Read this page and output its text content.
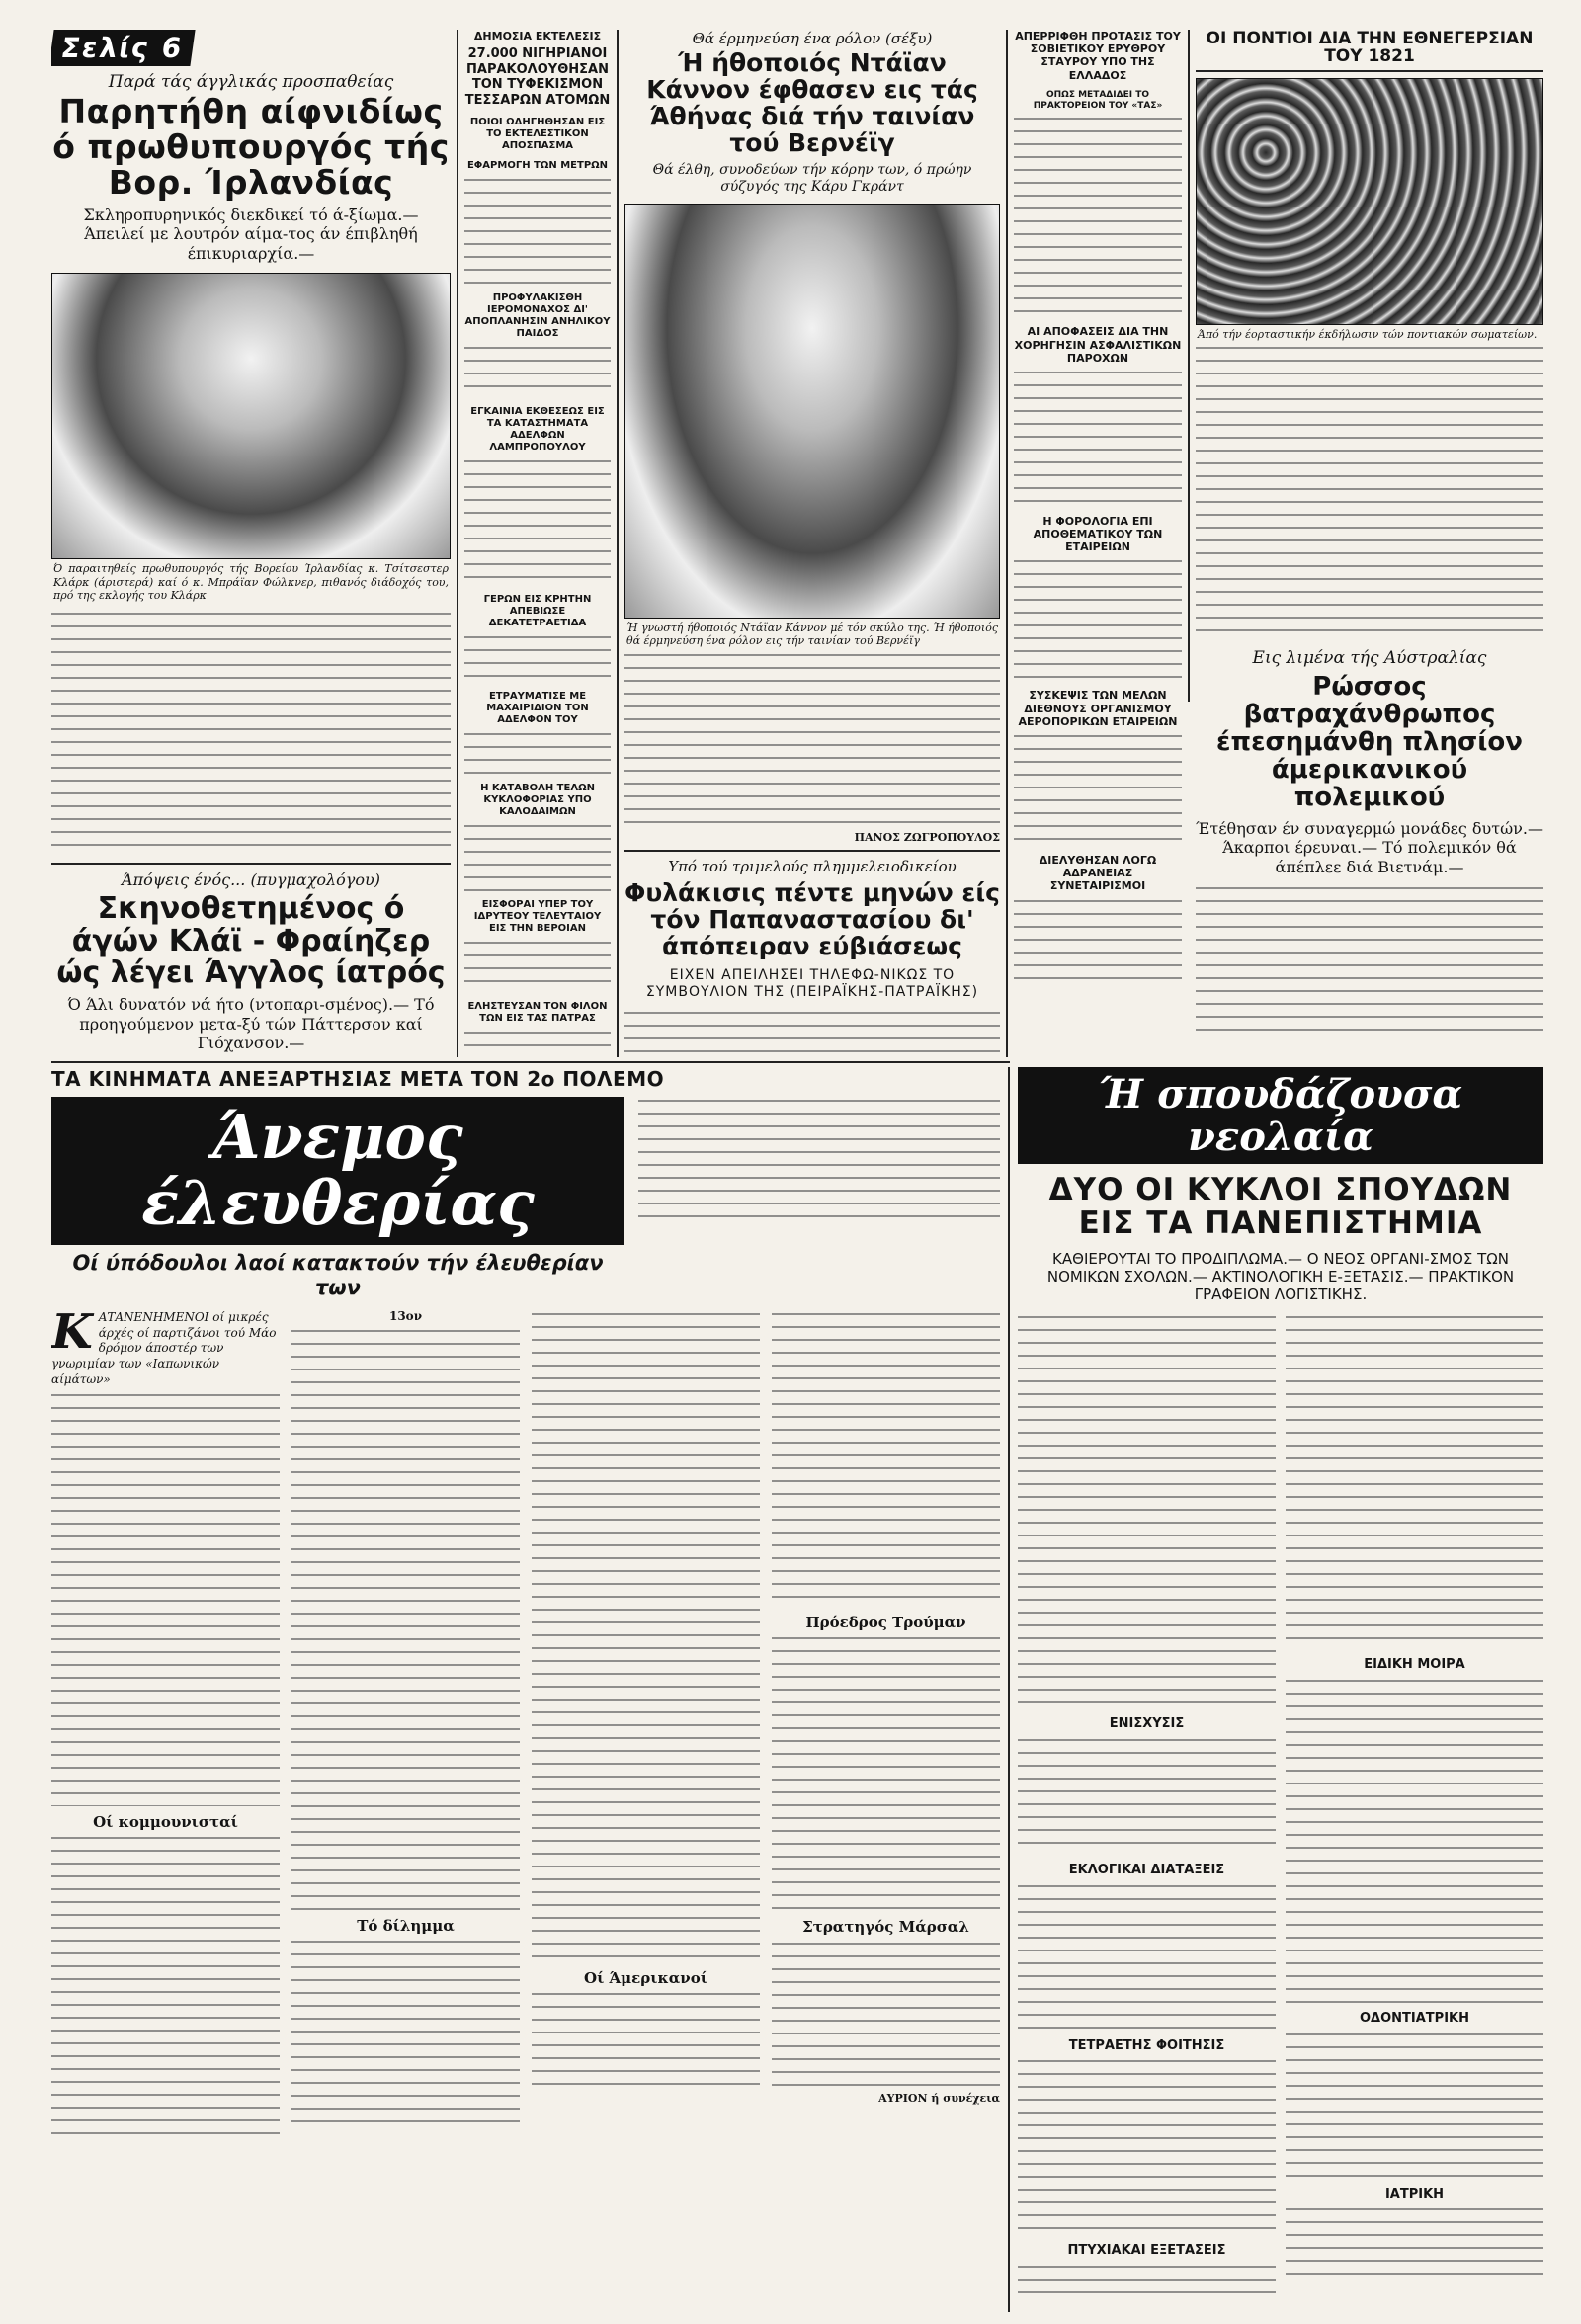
Σελίς 6
Παρά τάς άγγλικάς προσπαθείας
Παρητήθη αίφνιδίως ό πρωθυπουργός τής Βορ. Ίρλανδίας
Σκληροπυρηνικός διεκδικεί τό ά-ξίωμα.— Άπειλεί με λουτρόν αίμα-τος άν έπιβληθή έπικυριαρχία.—
Ό παραιτηθείς πρωθυπουργός τής Βορείου Ίρλανδίας κ. Τσίτσεστερ Κλάρκ (άριστερά) καί ό κ. Μπράϊαν Φώλκνερ, πιθανός διάδοχός του, πρό της εκλογής του Κλάρκ
Άπόψεις ένός... (πυγμαχολόγου)
Σκηνοθετημένος ό άγών Κλάϊ - Φραίηζερ ώς λέγει Άγγλος ίατρός
Ό Άλι δυνατόν νά ήτο (ντοπαρι-σμένος).— Τό προηγούμενον μετα-ξύ τών Πάττερσον καί Γιόχανσον.—
ΔΗΜΟΣΙΑ ΕΚΤΕΛΕΣΙΣ
27.000 ΝΙΓΗΡΙΑΝΟΙ ΠΑΡΑΚΟΛΟΥΘΗΣΑΝ ΤΟΝ ΤΥΦΕΚΙΣΜΟΝ ΤΕΣΣΑΡΩΝ ΑΤΟΜΩΝ
ΠΟΙΟΙ ΩΔΗΓΗΘΗΣΑΝ ΕΙΣ ΤΟ ΕΚΤΕΛΕΣΤΙΚΟΝ ΑΠΟΣΠΑΣΜΑ
ΕΦΑΡΜΟΓΗ ΤΩΝ ΜΕΤΡΩΝ
ΠΡΟΦΥΛΑΚΙΣΘΗ ΙΕΡΟΜΟΝΑΧΟΣ ΔΙ' ΑΠΟΠΛΑΝΗΣΙΝ ΑΝΗΛΙΚΟΥ ΠΑΙΔΟΣ
ΕΓΚΑΙΝΙΑ ΕΚΘΕΣΕΩΣ ΕΙΣ ΤΑ ΚΑΤΑΣΤΗΜΑΤΑ ΑΔΕΛΦΩΝ ΛΑΜΠΡΟΠΟΥΛΟΥ
ΓΕΡΩΝ ΕΙΣ ΚΡΗΤΗΝ ΑΠΕΒΙΩΣΕ ΔΕΚΑΤΕΤΡΑΕΤΙΔΑ
ΕΤΡΑΥΜΑΤΙΣΕ ΜΕ ΜΑΧΑΙΡΙΔΙΟΝ ΤΟΝ ΑΔΕΛΦΟΝ ΤΟΥ
Η ΚΑΤΑΒΟΛΗ ΤΕΛΩΝ ΚΥΚΛΟΦΟΡΙΑΣ ΥΠΟ ΚΑΛΟΔΑΙΜΩΝ
ΕΙΣΦΟΡΑΙ ΥΠΕΡ ΤΟΥ ΙΔΡΥΤΕΟΥ ΤΕΛΕΥΤΑΙΟΥ ΕΙΣ ΤΗΝ ΒΕΡΟΙΑΝ
ΕΛΗΣΤΕΥΣΑΝ ΤΟΝ ΦΙΛΟΝ ΤΩΝ ΕΙΣ ΤΑΣ ΠΑΤΡΑΣ
Θά έρμηνεύση ένα ρόλον (σέξυ)
Ή ήθοποιός Ντάϊαν Κάννον έφθασεν εις τάς Άθήνας διά τήν ταινίαν τού Βερνέϊγ
Θά έλθη, συνοδεύων τήν κόρην των, ό πρώην σύζυγός της Κάρυ Γκράντ
Ή γνωστή ήθοποιός Ντάϊαν Κάννον μέ τόν σκύλο της. Ή ήθοποιός θά έρμηνεύση ένα ρόλον εις τήν ταινίαν τού Βερνέϊγ
ΠΑΝΟΣ ΖΩΓΡΟΠΟΥΛΟΣ
Υπό τού τριμελούς πλημμελειοδικείου
Φυλάκισις πέντε μηνών είς τόν Παπαναστασίου δι' άπόπειραν εύβιάσεως
ΕΙΧΕΝ ΑΠΕΙΛΗΣΕΙ ΤΗΛΕΦΩ-ΝΙΚΩΣ ΤΟ ΣΥΜΒΟΥΛΙΟΝ ΤΗΣ (ΠΕΙΡΑΪΚΗΣ-ΠΑΤΡΑΪΚΗΣ)
ΑΠΕΡΡΙΦΘΗ ΠΡΟΤΑΣΙΣ ΤΟΥ ΣΟΒΙΕΤΙΚΟΥ ΕΡΥΘΡΟΥ ΣΤΑΥΡΟΥ ΥΠΟ ΤΗΣ ΕΛΛΑΔΟΣ
ΟΠΩΣ ΜΕΤΑΔΙΔΕΙ ΤΟ ΠΡΑΚΤΟΡΕΙΟΝ ΤΟΥ «ΤΑΣ»
ΑΙ ΑΠΟΦΑΣΕΙΣ ΔΙΑ ΤΗΝ ΧΟΡΗΓΗΣΙΝ ΑΣΦΑΛΙΣΤΙΚΩΝ ΠΑΡΟΧΩΝ
Η ΦΟΡΟΛΟΓΙΑ ΕΠΙ ΑΠΟΘΕΜΑΤΙΚΟΥ ΤΩΝ ΕΤΑΙΡΕΙΩΝ
ΣΥΣΚΕΨΙΣ ΤΩΝ ΜΕΛΩΝ ΔΙΕΘΝΟΥΣ ΟΡΓΑΝΙΣΜΟΥ ΑΕΡΟΠΟΡΙΚΩΝ ΕΤΑΙΡΕΙΩΝ
ΔΙΕΛΥΘΗΣΑΝ ΛΟΓΩ ΑΔΡΑΝΕΙΑΣ ΣΥΝΕΤΑΙΡΙΣΜΟΙ
ΟΙ ΠΟΝΤΙΟΙ ΔΙΑ ΤΗΝ ΕΘΝΕΓΕΡΣΙΑΝ ΤΟΥ 1821
Άπό τήν έορταστικήν έκδήλωσιν τών ποντιακών σωματείων.
Εις λιμένα τής Αύστραλίας
Ρώσσος βατραχάνθρωπος έπεσημάνθη πλησίον άμερικανικού πολεμικού
Έτέθησαν έν συναγερμώ μονάδες δυτών.— Άκαρποι έρευναι.— Τό πολεμικόν θά άπέπλεε διά Βιετνάμ.—
Ή σπουδάζουσα νεολαία
ΔΥΟ ΟΙ ΚΥΚΛΟΙ ΣΠΟΥΔΩΝ ΕΙΣ ΤΑ ΠΑΝΕΠΙΣΤΗΜΙΑ
ΚΑΘΙΕΡΟΥΤΑΙ ΤΟ ΠΡΟΔΙΠΛΩΜΑ.— Ο ΝΕΟΣ ΟΡΓΑΝΙ-ΣΜΟΣ ΤΩΝ ΝΟΜΙΚΩΝ ΣΧΟΛΩΝ.— ΑΚΤΙΝΟΛΟΓΙΚΗ Ε-ΞΕΤΑΣΙΣ.— ΠΡΑΚΤΙΚΟΝ ΓΡΑΦΕΙΟΝ ΛΟΓΙΣΤΙΚΗΣ.
ΕΝΙΣΧΥΣΙΣ
ΕΚΛΟΓΙΚΑΙ ΔΙΑΤΑΞΕΙΣ
ΤΕΤΡΑΕΤΗΣ ΦΟΙΤΗΣΙΣ
ΠΤΥΧΙΑΚΑΙ ΕΞΕΤΑΣΕΙΣ
ΕΙΔΙΚΗ ΜΟΙΡΑ
ΟΔΟΝΤΙΑΤΡΙΚΗ
ΙΑΤΡΙΚΗ
ΤΑ ΚΙΝΗΜΑΤΑ ΑΝΕΞΑΡΤΗΣΙΑΣ ΜΕΤΑ ΤΟΝ 2ο ΠΟΛΕΜΟ
Άνεμος έλευθερίας
Οί ύπόδουλοι λαοί κατακτούν τήν έλευθερίαν των
Κ ΑΤΑΝΕΝΗΜΕΝΟΙ οί μικρές άρχές οί παρτιζάνοι τού Μάο δρόμον άποστέρ των γνωριμίαν των «Ιαπωνικών αίμάτων»
Οί κομμουνισταί
13ον
Τό δίλημμα
Οί Άμερικανοί
Πρόεδρος Τρούμαν
Στρατηγός Μάρσαλ
ΑΥΡΙΟΝ ή συνέχεια
